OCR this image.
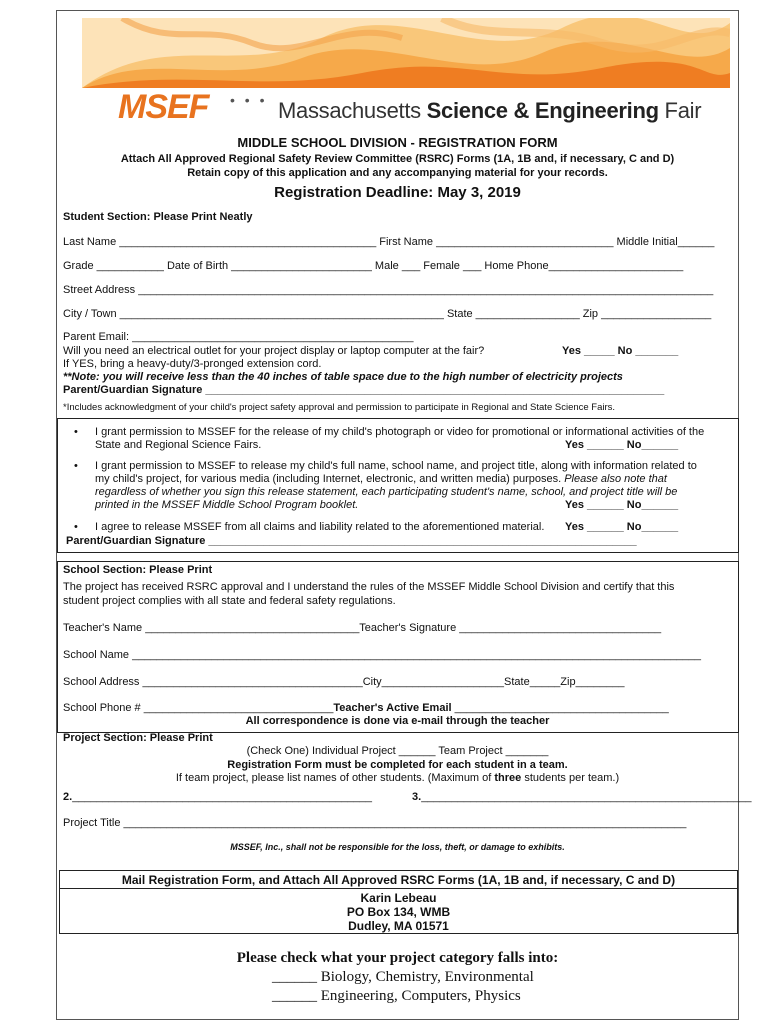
MSEF • • • Massachusetts Science & Engineering Fair
MIDDLE SCHOOL DIVISION - REGISTRATION FORM
Attach All Approved Regional Safety Review Committee (RSRC) Forms (1A, 1B and, if necessary, C and D)
Retain copy of this application and any accompanying material for your records.
Registration Deadline: May 3, 2019
Student Section: Please Print Neatly
Last Name __________________________________________ First Name _____________________________ Middle Initial______
Grade ___________ Date of Birth _______________________ Male ___ Female ___ Home Phone______________________
Street Address ______________________________________________________________________________________________
City / Town _____________________________________________________ State _________________ Zip __________________
Parent Email: ______________________________________________
Will you need an electrical outlet for your project display or laptop computer at the fair?	Yes _____ No _______
If YES, bring a heavy-duty/3-pronged extension cord.
**Note: you will receive less than the 40 inches of table space due to the high number of electricity projects
Parent/Guardian Signature ___________________________________________________________________________
*Includes acknowledgment of your child's project safety approval and permission to participate in Regional and State Science Fairs.
• I grant permission to MSSEF for the release of my child's photograph or video for promotional or informational activities of the
State and Regional Science Fairs.	Yes ______ No______
• I grant permission to MSSEF to release my child's full name, school name, and project title, along with information related to
my child's project, for various media (including Internet, electronic, and written media) purposes. Please also note that
regardless of whether you sign this release statement, each participating student's name, school, and project title will be
printed in the MSSEF Middle School Program booklet.	Yes ______ No______
• I agree to release MSSEF from all claims and liability related to the aforementioned material. Yes ______ No______
Parent/Guardian Signature ______________________________________________________________________
School Section: Please Print
The project has received RSRC approval and I understand the rules of the MSSEF Middle School Division and certify that this
student project complies with all state and federal safety regulations.
Teacher's Name ___________________________________Teacher's Signature _________________________________
School Name _____________________________________________________________________________________________
School Address ____________________________________City____________________State_____Zip________
School Phone # _______________________________Teacher's Active Email ___________________________________
All correspondence is done via e-mail through the teacher
Project Section: Please Print
(Check One) Individual Project ______ Team Project _______
Registration Form must be completed for each student in a team.
If team project, please list names of other students. (Maximum of three students per team.)
2._________________________________________________	3.______________________________________________________
Project Title ____________________________________________________________________________________________
MSSEF, Inc., shall not be responsible for the loss, theft, or damage to exhibits.
Mail Registration Form, and Attach All Approved RSRC Forms (1A, 1B and, if necessary, C and D)
Karin Lebeau
PO Box 134, WMB
Dudley, MA 01571
Please check what your project category falls into:
______ Biology, Chemistry, Environmental
______ Engineering, Computers, Physics
